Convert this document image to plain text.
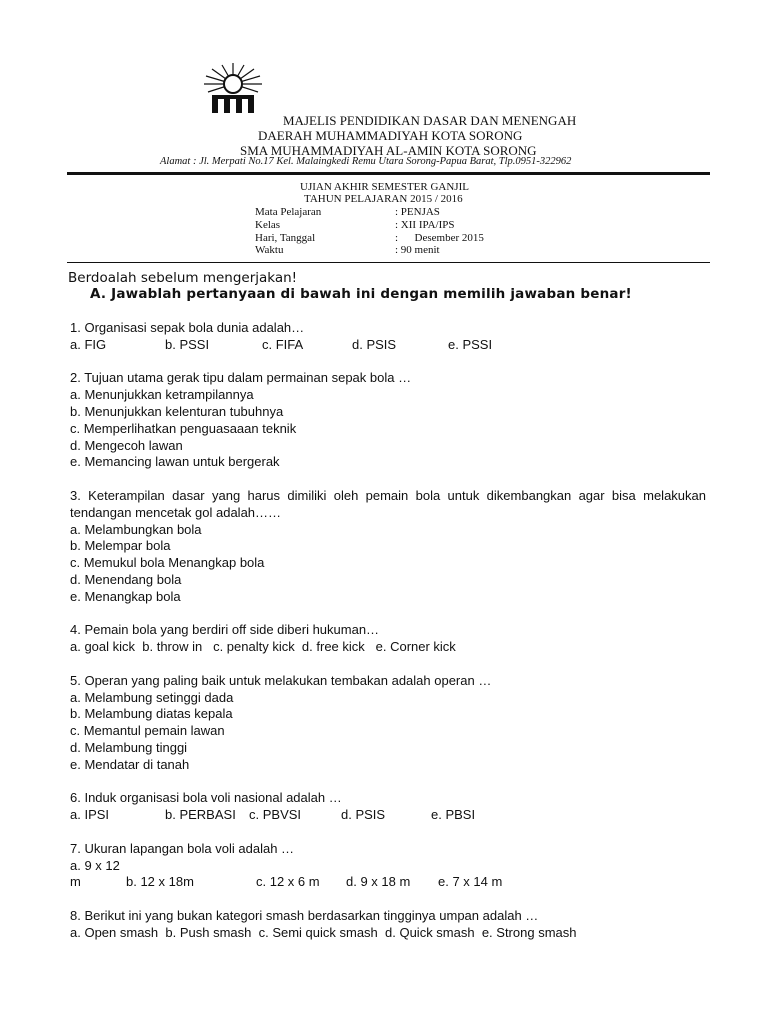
MAJELIS PENDIDIKAN DASAR DAN MENENGAH
DAERAH MUHAMMADIYAH KOTA SORONG
SMA MUHAMMADIYAH AL-AMIN KOTA SORONG
Alamat : Jl. Merpati No.17 Kel. Malaingkedi Remu Utara Sorong-Papua Barat, Tlp.0951-322962
UJIAN AKHIR SEMESTER GANJIL
TAHUN PELAJARAN 2015 / 2016
Mata Pelajaran	: PENJAS
Kelas	: XII IPA/IPS
Hari, Tanggal	:      Desember 2015
Waktu	: 90 menit
Berdoalah sebelum mengerjakan!
A. Jawablah pertanyaan di bawah ini dengan memilih jawaban benar!
1. Organisasi sepak bola dunia adalah…
a. FIG	b. PSSI	c. FIFA	d. PSIS	e. PSSI
2. Tujuan utama gerak tipu dalam permainan sepak bola …
a. Menunjukkan ketrampilannya
b. Menunjukkan kelenturan tubuhnya
c. Memperlihatkan penguasaaan teknik
d. Mengecoh lawan
e. Memancing lawan untuk bergerak
3. Keterampilan dasar yang harus dimiliki oleh pemain bola untuk dikembangkan agar bisa melakukan tendangan mencetak gol adalah……
a. Melambungkan bola
b. Melempar bola
c. Memukul bola Menangkap bola
d. Menendang bola
e. Menangkap bola
4. Pemain bola yang berdiri off side diberi hukuman…
a. goal kick  b. throw in   c. penalty kick  d. free kick   e. Corner kick
5. Operan yang paling baik untuk melakukan tembakan adalah operan …
a. Melambung setinggi dada
b. Melambung diatas kepala
c. Memantul pemain lawan
d. Melambung tinggi
e. Mendatar di tanah
6. Induk organisasi bola voli nasional adalah …
a. IPSI	b. PERBASI c. PBVSI	d. PSIS	e. PBSI
7. Ukuran lapangan bola voli adalah …
a. 9 x 12 m	b. 12 x 18m	c. 12 x 6 m d. 9 x 18 m e. 7 x 14 m
8. Berikut ini yang bukan kategori smash berdasarkan tingginya umpan adalah …
a. Open smash  b. Push smash  c. Semi quick smash  d. Quick smash  e. Strong smash
